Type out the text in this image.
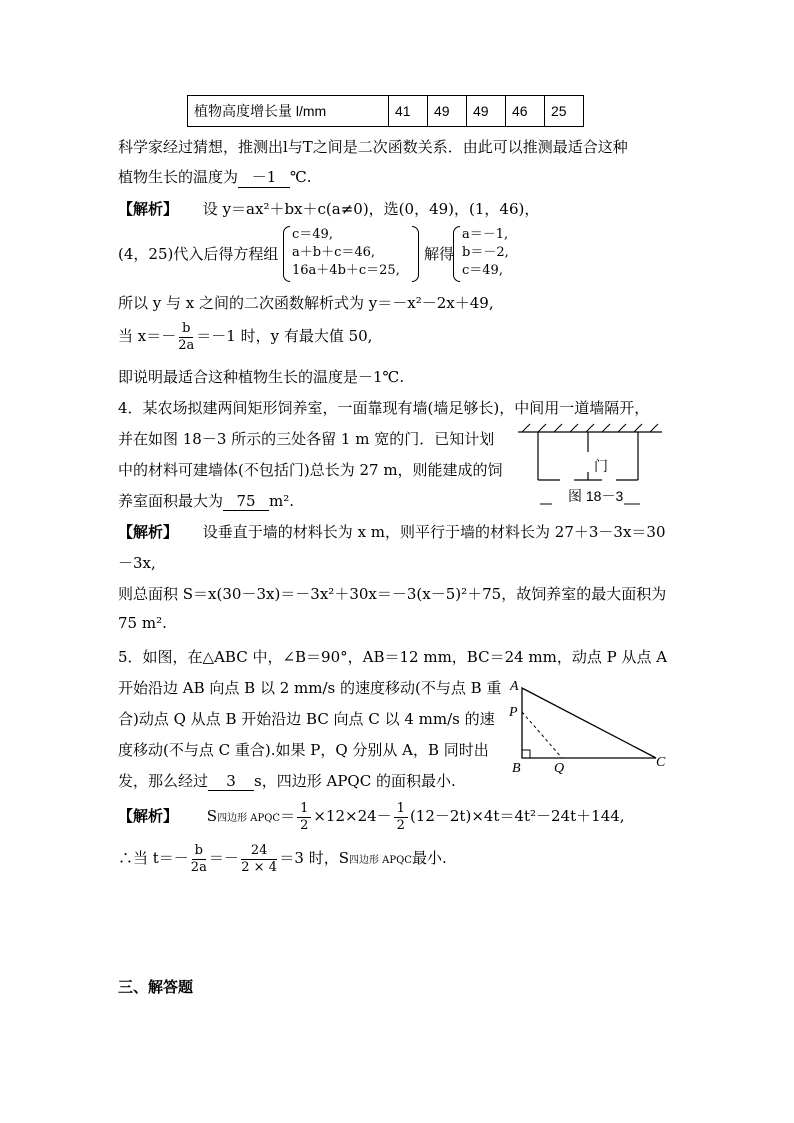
植物高度增长量 l/mm	41	49	49	46	25
科学家经过猜想，推测出l与T之间是二次函数关系．由此可以推测最适合这种
植物生长的温度为 －1 ℃.
【解析】 设 y＝ax²＋bx＋c(a≠0)，选(0，49)，(1，46)，
(4，25)代入后得方程组
c＝49,
a＋b＋c＝46,
16a＋4b＋c＝25,
解得
a＝－1,
b＝－2,
c＝49,
所以 y 与 x 之间的二次函数解析式为 y＝－x²－2x＋49,
当 $x=- \frac{b}{2a} =-1$ 时，y 有最大值 50,
即说明最适合这种植物生长的温度是－1℃.
4．某农场拟建两间矩形饲养室，一面靠现有墙(墙足够长)，中间用一道墙隔开，
并在如图 18－3 所示的三处各留 1 m 宽的门．已知计划
中的材料可建墙体(不包括门)总长为 27 m，则能建成的饲
养室面积最大为 75 m².
门
图 18－3
【解析】 设垂直于墙的材料长为 x m，则平行于墙的材料长为 27＋3－3x＝30
－3x,
则总面积 S＝x(30－3x)＝－3x²＋30x＝－3(x－5)²＋75，故饲养室的最大面积为
75 m².
5．如图，在△ABC 中，∠B＝90°，AB＝12 mm，BC＝24 mm，动点 P 从点 A
开始沿边 AB 向点 B 以 2 mm/s 的速度移动(不与点 B 重
合)动点 Q 从点 B 开始沿边 BC 向点 C 以 4 mm/s 的速
度移动(不与点 C 重合).如果 P，Q 分别从 A，B 同时出
发，那么经过 3 s，四边形 APQC 的面积最小.
A
P
B Q	C
【解析】 S四边形 APQC＝ $\frac{1}{2} \times 12\times 24- \frac{1}{2} (12-2t)\times 4t=4t^2-24t+144$,
∴当 $t=- \frac{b}{2a} =- \frac{24}{2 \times 4} =3$ 时，S四边形 APQC最小.
三、解答题
